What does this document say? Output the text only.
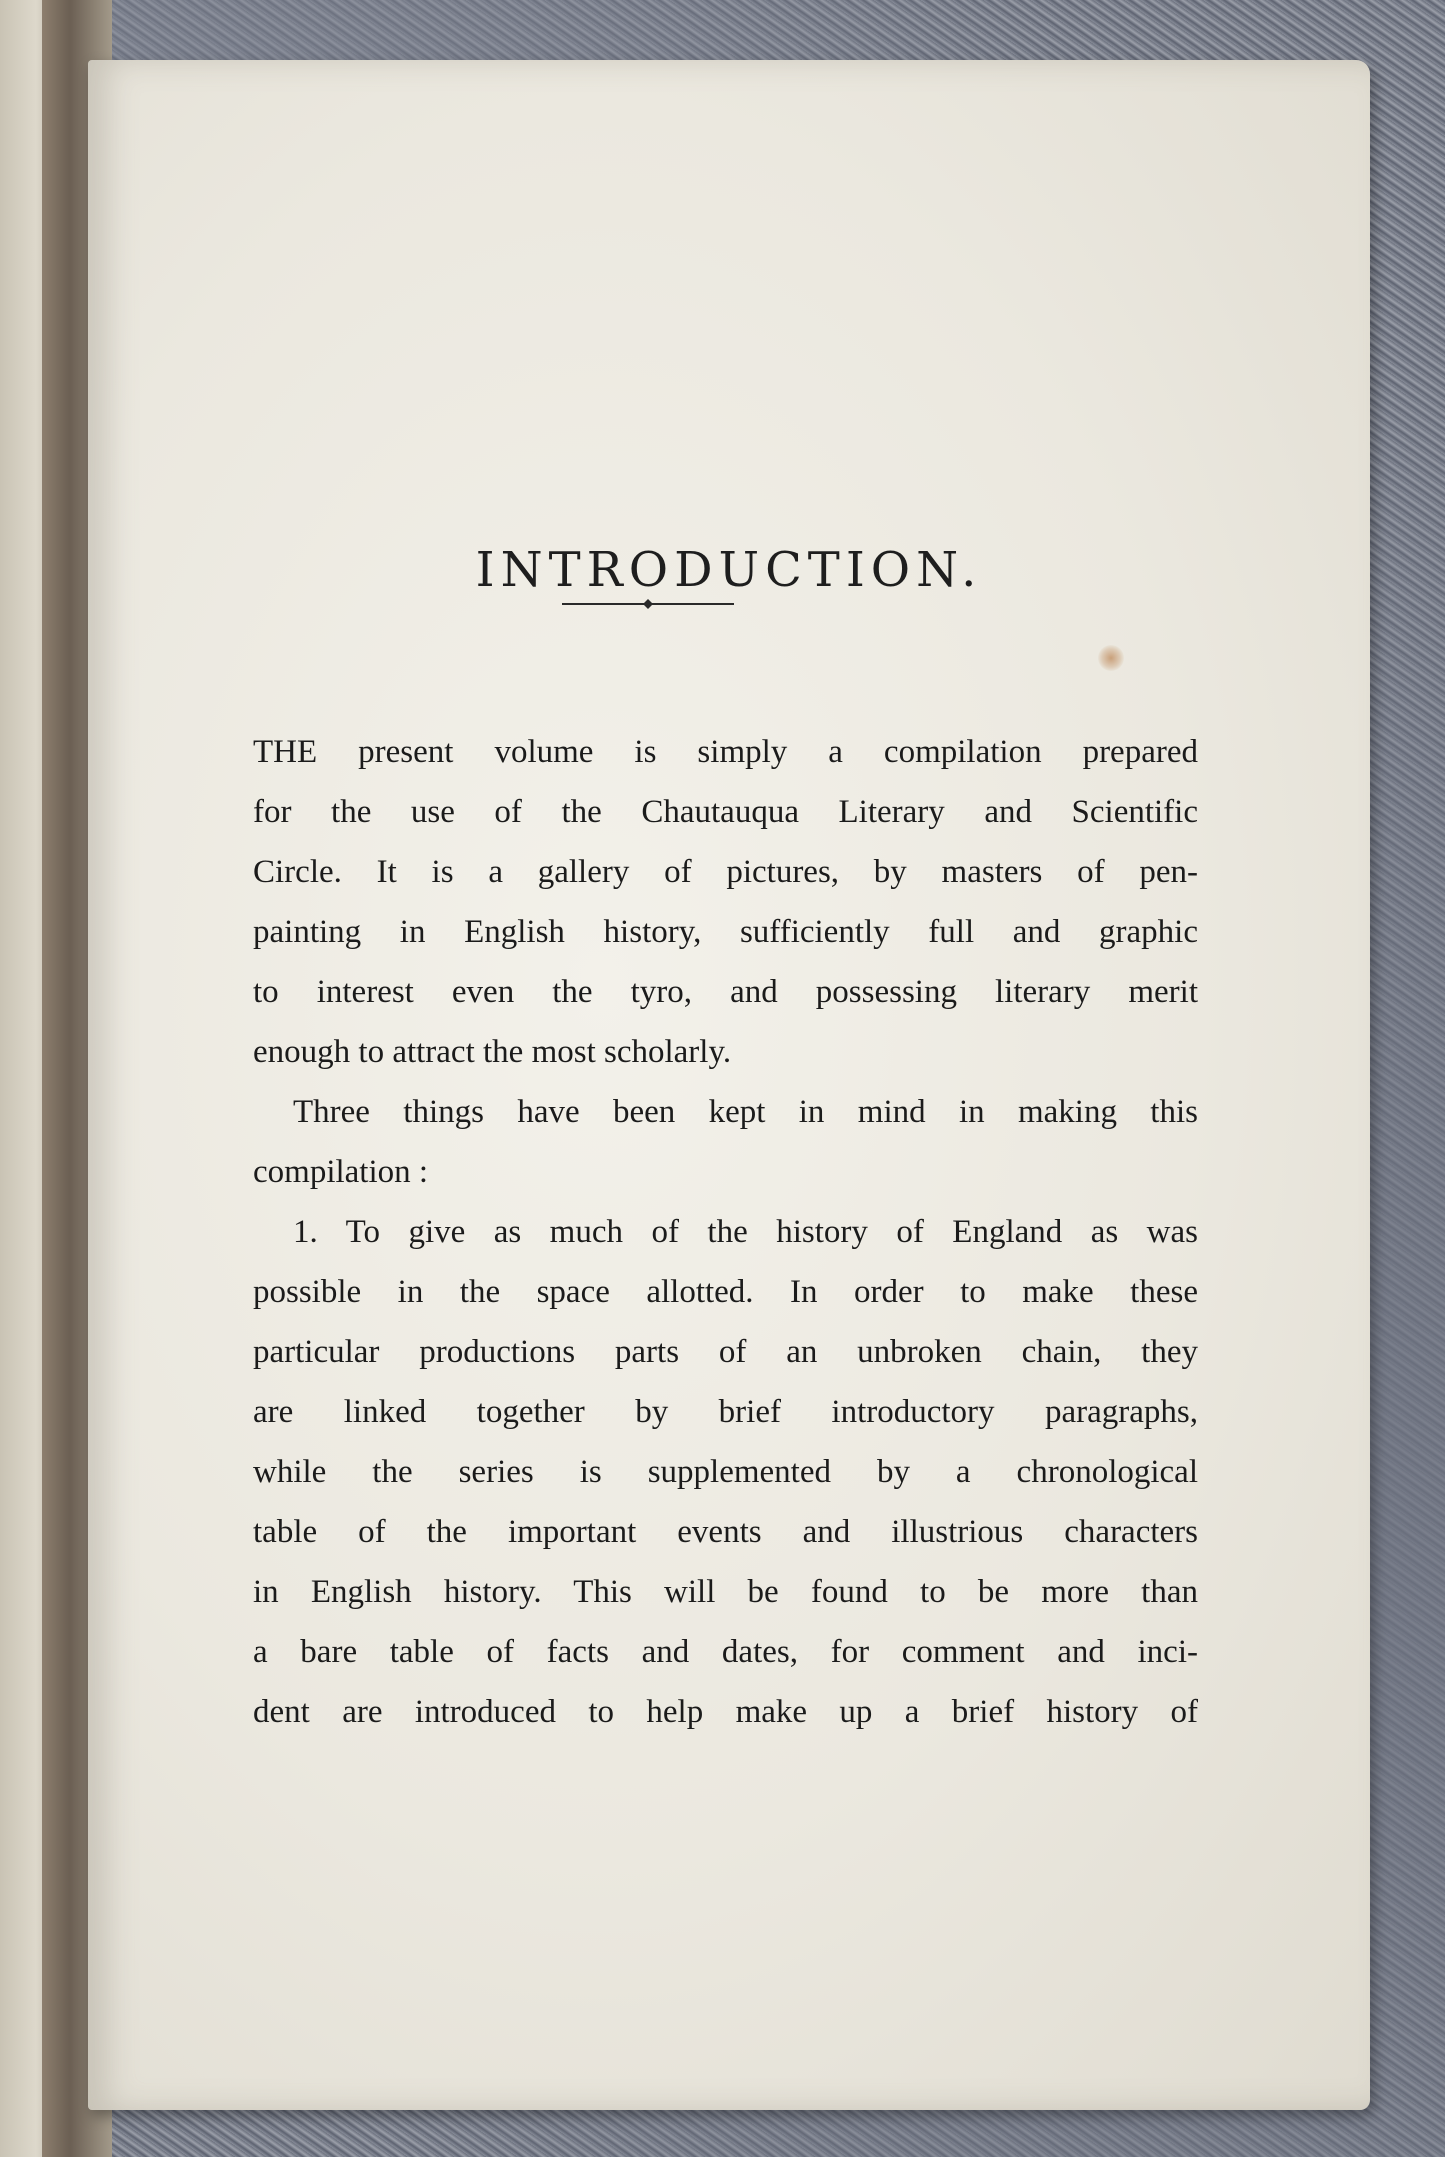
INTRODUCTION.
THE present volume is simply a compilation prepared
for the use of the Chautauqua Literary and Scientific
Circle. It is a gallery of pictures, by masters of pen-
painting in English history, sufficiently full and graphic
to interest even the tyro, and possessing literary merit
enough to attract the most scholarly.
Three things have been kept in mind in making this
compilation :
1. To give as much of the history of England as was
possible in the space allotted. In order to make these
particular productions parts of an unbroken chain, they
are linked together by brief introductory paragraphs,
while the series is supplemented by a chronological
table of the important events and illustrious characters
in English history. This will be found to be more than
a bare table of facts and dates, for comment and inci-
dent are introduced to help make up a brief history of
